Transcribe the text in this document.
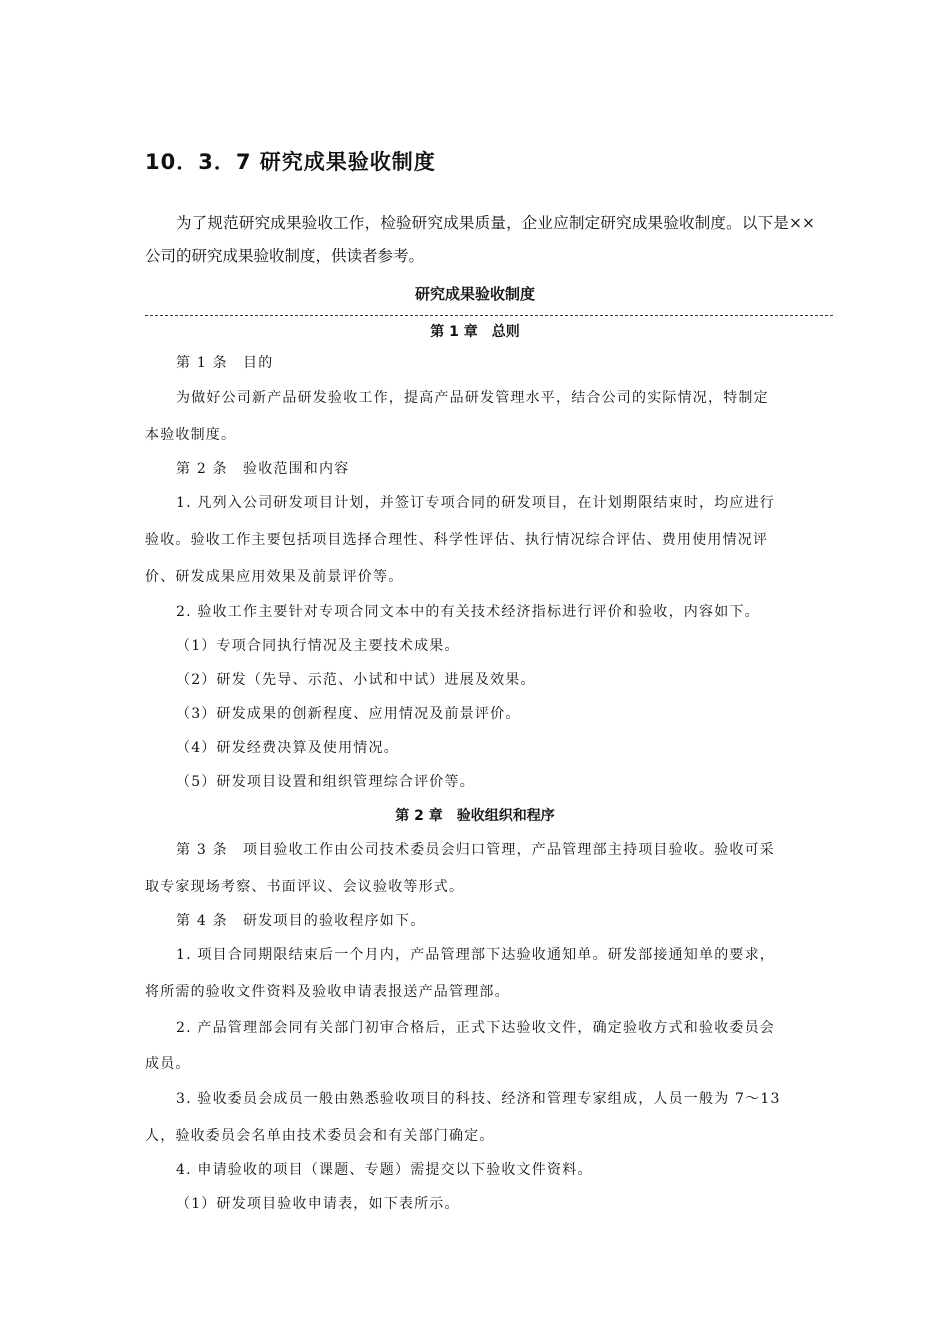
10．3．7 研究成果验收制度
为了规范研究成果验收工作，检验研究成果质量，企业应制定研究成果验收制度。以下是××公司的研究成果验收制度，供读者参考。
研究成果验收制度
第 1 章　总则
第 1 条　目的
为做好公司新产品研发验收工作，提高产品研发管理水平，结合公司的实际情况，特制定
本验收制度。
第 2 条　验收范围和内容
1. 凡列入公司研发项目计划，并签订专项合同的研发项目，在计划期限结束时，均应进行
验收。验收工作主要包括项目选择合理性、科学性评估、执行情况综合评估、费用使用情况评
价、研发成果应用效果及前景评价等。
2. 验收工作主要针对专项合同文本中的有关技术经济指标进行评价和验收，内容如下。
（1）专项合同执行情况及主要技术成果。
（2）研发（先导、示范、小试和中试）进展及效果。
（3）研发成果的创新程度、应用情况及前景评价。
（4）研发经费决算及使用情况。
（5）研发项目设置和组织管理综合评价等。
第 2 章　验收组织和程序
第 3 条　项目验收工作由公司技术委员会归口管理，产品管理部主持项目验收。验收可采
取专家现场考察、书面评议、会议验收等形式。
第 4 条　研发项目的验收程序如下。
1. 项目合同期限结束后一个月内，产品管理部下达验收通知单。研发部接通知单的要求，
将所需的验收文件资料及验收申请表报送产品管理部。
2. 产品管理部会同有关部门初审合格后，正式下达验收文件，确定验收方式和验收委员会
成员。
3. 验收委员会成员一般由熟悉验收项目的科技、经济和管理专家组成，人员一般为 7～13
人，验收委员会名单由技术委员会和有关部门确定。
4. 申请验收的项目（课题、专题）需提交以下验收文件资料。
（1）研发项目验收申请表，如下表所示。
